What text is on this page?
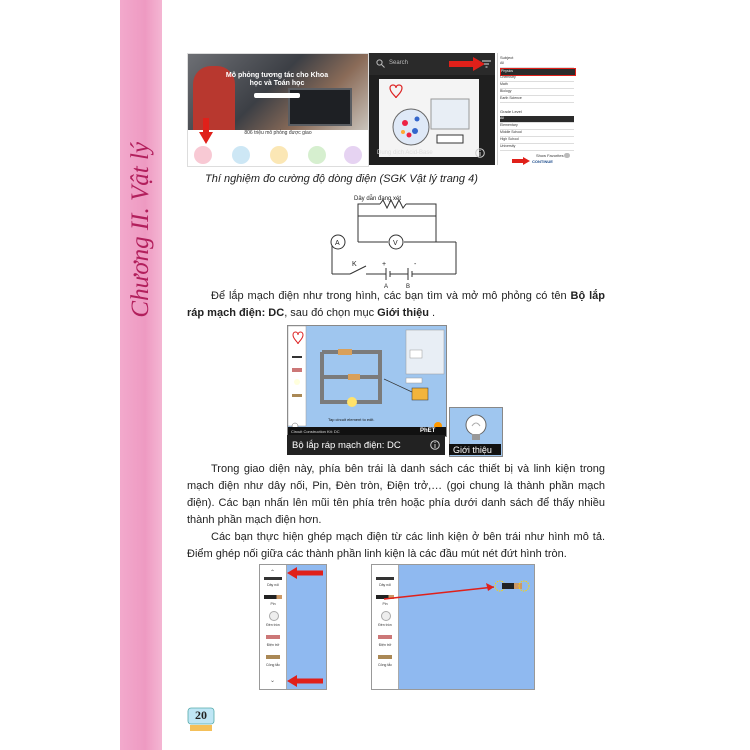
Chương II. Vật lý
Mô phỏng tương tác cho Khoa học và Toán học
806 triệu mô phỏng được giao
Search
Dung dịch Acid-Base
Subject
All
Physics
Chemistry
Math
Biology
Earth Science
Grade Level
All
Elementary
Middle School
High School
University
Show Favorites
CONTINUE
Thí nghiệm đo cường độ dòng điện (SGK Vật lý trang 4)
Dây dẫn đang xét
A	V
K	+	-
A	B

Để lắp mạch điện như trong hình, các bạn tìm và mở mô phỏng có tên Bộ lắp ráp mạch điện: DC, sau đó chọn mục Giới thiệu .

Tap circuit element to edit.
Circuit Construction Kit: DC	PhET
Bộ lắp ráp mạch điện: DC	Giới thiệu

Trong giao diện này, phía bên trái là danh sách các thiết bị và linh kiện trong mạch điện như dây nối, Pin, Đèn tròn, Điện trở,… (gọi chung là thành phần mạch điện). Các bạn nhấn lên mũi tên phía trên hoặc phía dưới danh sách để thấy nhiều thành phần mạch điện hơn.

Các bạn thực hiện ghép mạch điện từ các linh kiện ở bên trái như hình mô tả. Điểm ghép nối giữa các thành phần linh kiện là các đầu mút nét đứt hình tròn.

⌃
Dây nối
Pin
Đèn tròn
Điện trở
Công tắc
⌄
Dây nối
Pin
Đèn tròn
Điện trở
Công tắc
20
